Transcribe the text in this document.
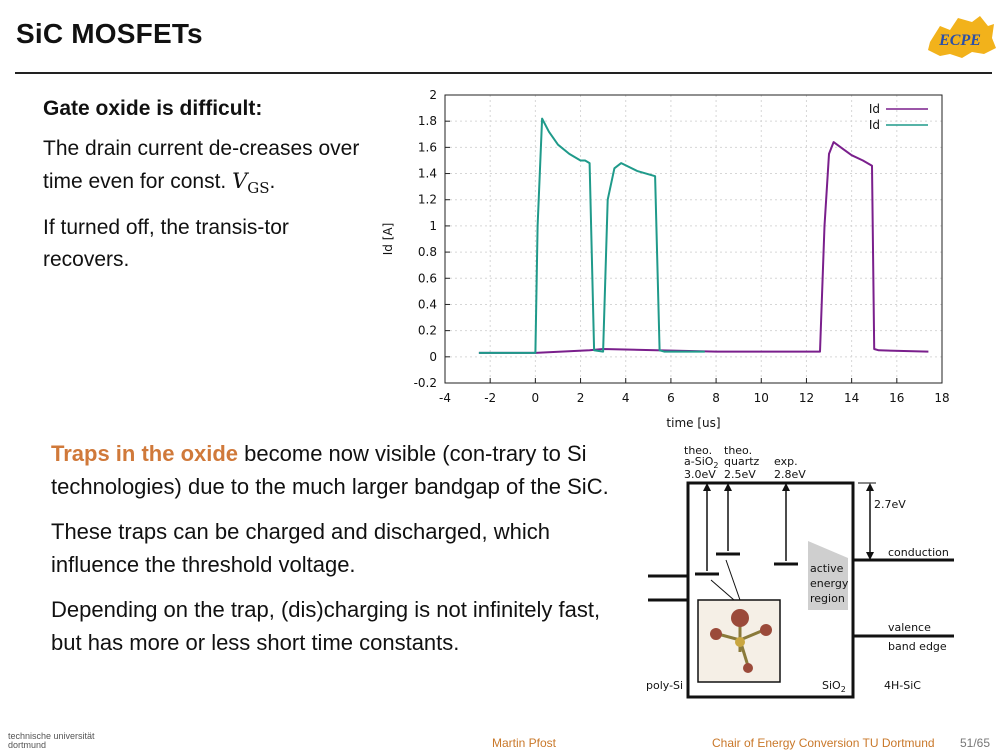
SiC MOSFETs	ECPE
Gate oxide is difficult:

The drain current de-creases over time even for const. $V_{GS}$.

If turned off, the transis-tor recovers.

-4	-2	0	2	4	6	8	10 12 14 16 18
-0.2
0
0.2
0.4
0.6
0.8
1
1.2
1.4
1.6
1.8
2
time [us]
Id [A]
Id
Id

Traps in the oxide become now visible (con-trary to Si technologies) due to the much larger bandgap of the SiC.

These traps can be charged and discharged, which influence the threshold voltage.

Depending on the trap, (dis)charging is not infinitely fast, but has more or less short time constants.

theo.
a-SiO$_2$
3.0eV
theo.
quartz
2.5eV
exp.
2.8eV
2.7eV
conduction
active
energy
region
valence
band edge
poly-Si	SiO$_2$	4H-SiC
technische universität
dortmund	Martin Pfost	Chair of Energy Conversion TU Dortmund 51/65
